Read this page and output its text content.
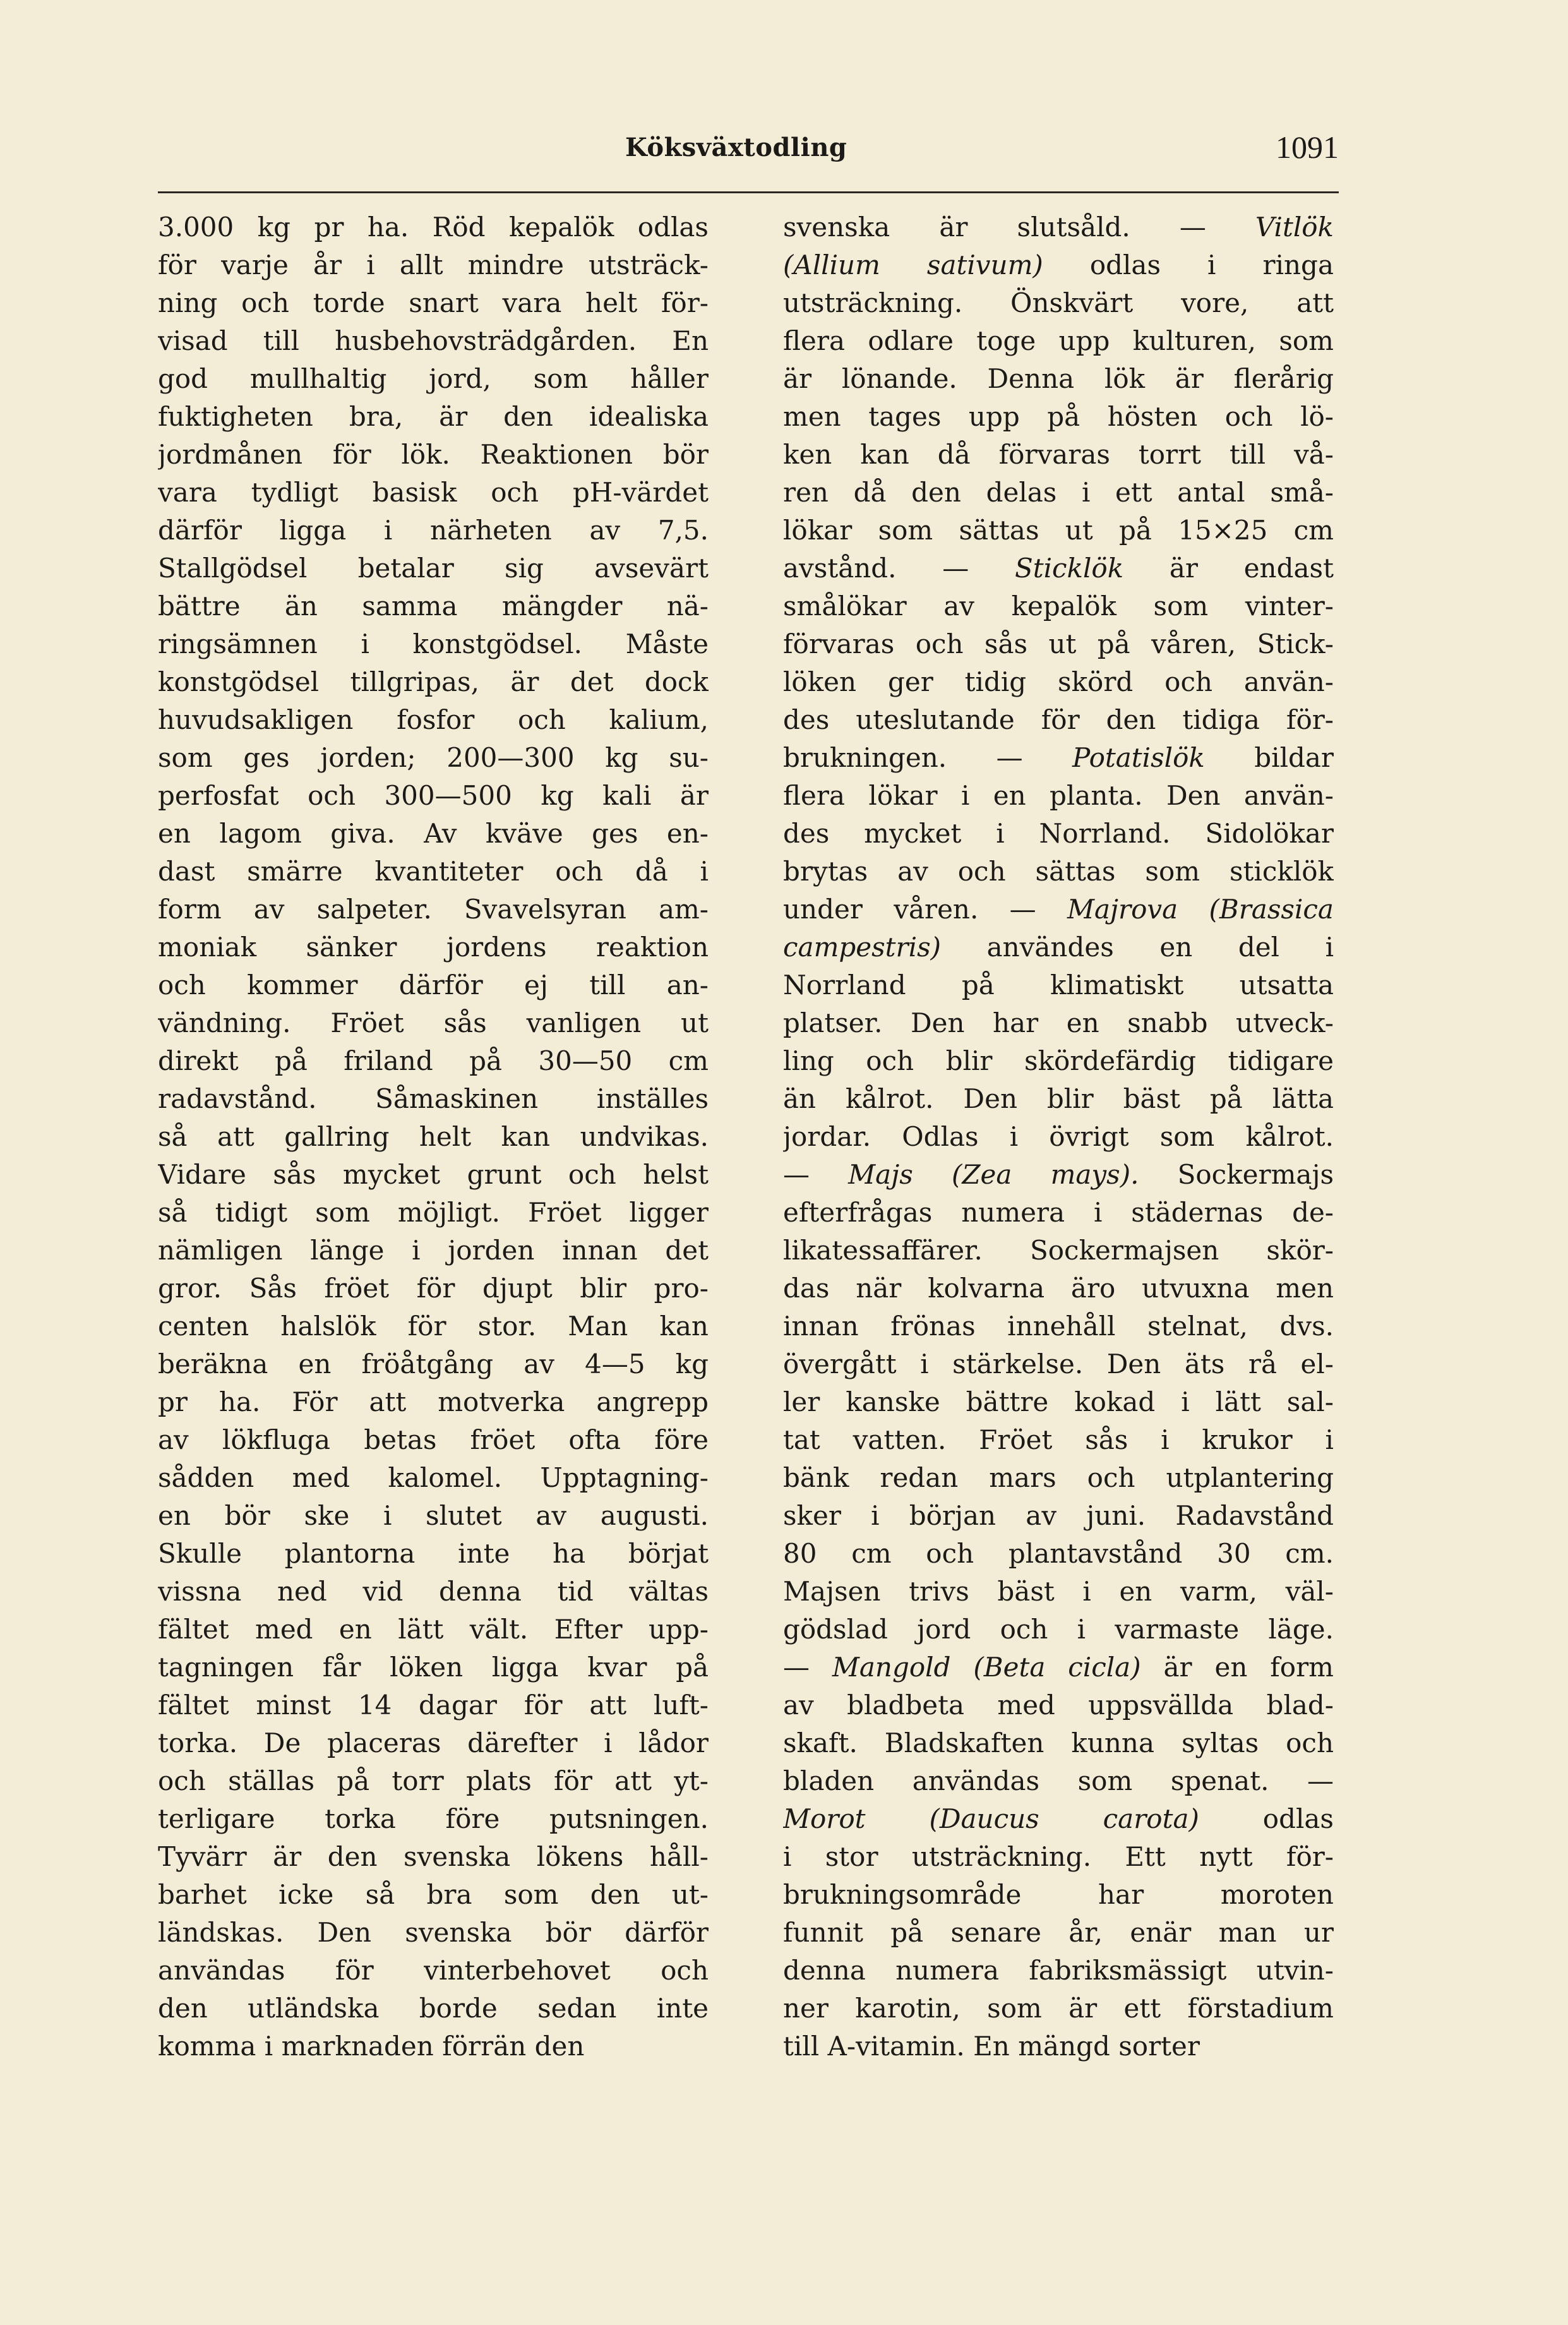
Köksväxtodling	1091
3.000 kg pr ha. Röd kepalök odlas
för varje år i allt mindre utsträck-
ning och torde snart vara helt för-
visad till husbehovsträdgården. En
god mullhaltig jord, som håller
fuktigheten bra, är den idealiska
jordmånen för lök. Reaktionen bör
vara tydligt basisk och pH-värdet
därför ligga i närheten av 7,5.
Stallgödsel betalar sig avsevärt
bättre än samma mängder nä-
ringsämnen i konstgödsel. Måste
konstgödsel tillgripas, är det dock
huvudsakligen fosfor och kalium,
som ges jorden; 200—300 kg su-
perfosfat och 300—500 kg kali är
en lagom giva. Av kväve ges en-
dast smärre kvantiteter och då i
form av salpeter. Svavelsyran am-
moniak sänker jordens reaktion
och kommer därför ej till an-
vändning. Fröet sås vanligen ut
direkt på friland på 30—50 cm
radavstånd. Såmaskinen inställes
så att gallring helt kan undvikas.
Vidare sås mycket grunt och helst
så tidigt som möjligt. Fröet ligger
nämligen länge i jorden innan det
gror. Sås fröet för djupt blir pro-
centen halslök för stor. Man kan
beräkna en fröåtgång av 4—5 kg
pr ha. För att motverka angrepp
av lökfluga betas fröet ofta före
sådden med kalomel. Upptagning-
en bör ske i slutet av augusti.
Skulle plantorna inte ha börjat
vissna ned vid denna tid vältas
fältet med en lätt vält. Efter upp-
tagningen får löken ligga kvar på
fältet minst 14 dagar för att luft-
torka. De placeras därefter i lådor
och ställas på torr plats för att yt-
terligare torka före putsningen.
Tyvärr är den svenska lökens håll-
barhet icke så bra som den ut-
ländskas. Den svenska bör därför
användas för vinterbehovet och
den utländska borde sedan inte
komma i marknaden förrän den
svenska är slutsåld. — Vitlök
(Allium sativum) odlas i ringa
utsträckning. Önskvärt vore, att
flera odlare toge upp kulturen, som
är lönande. Denna lök är flerårig
men tages upp på hösten och lö-
ken kan då förvaras torrt till vå-
ren då den delas i ett antal små-
lökar som sättas ut på 15×25 cm
avstånd. — Sticklök är endast
smålökar av kepalök som vinter-
förvaras och sås ut på våren, Stick-
löken ger tidig skörd och använ-
des uteslutande för den tidiga för-
brukningen. — Potatislök bildar
flera lökar i en planta. Den använ-
des mycket i Norrland. Sidolökar
brytas av och sättas som sticklök
under våren. — Majrova (Brassica
campestris) användes en del i
Norrland på klimatiskt utsatta
platser. Den har en snabb utveck-
ling och blir skördefärdig tidigare
än kålrot. Den blir bäst på lätta
jordar. Odlas i övrigt som kålrot.
— Majs (Zea mays). Sockermajs
efterfrågas numera i städernas de-
likatessaffärer. Sockermajsen skör-
das när kolvarna äro utvuxna men
innan frönas innehåll stelnat, dvs.
övergått i stärkelse. Den äts rå el-
ler kanske bättre kokad i lätt sal-
tat vatten. Fröet sås i krukor i
bänk redan mars och utplantering
sker i början av juni. Radavstånd
80 cm och plantavstånd 30 cm.
Majsen trivs bäst i en varm, väl-
gödslad jord och i varmaste läge.
— Mangold (Beta cicla) är en form
av bladbeta med uppsvällda blad-
skaft. Bladskaften kunna syltas och
bladen användas som spenat. —
Morot (Daucus carota) odlas
i stor utsträckning. Ett nytt för-
brukningsområde har moroten
funnit på senare år, enär man ur
denna numera fabriksmässigt utvin-
ner karotin, som är ett förstadium
till A-vitamin. En mängd sorter
